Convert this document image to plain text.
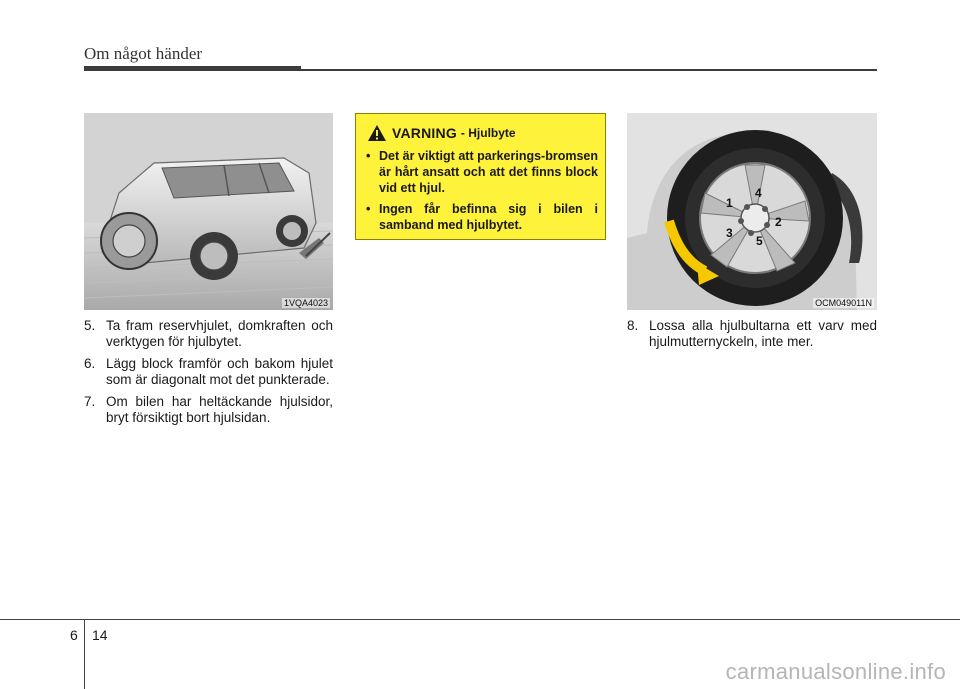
Om något händer
1VQA4023
VARNING - Hjulbyte
• Det är viktigt att parkerings-bromsen är hårt ansatt och att det finns block vid ett hjul.
• Ingen får befinna sig i bilen i samband med hjulbytet.
1
2
3
4
5
OCM049011N
5. Ta fram reservhjulet, domkraften och verktygen för hjulbytet.
6. Lägg block framför och bakom hjulet som är diagonalt mot det punkterade.
7. Om bilen har heltäckande hjulsidor, bryt försiktigt bort hjulsidan.
8. Lossa alla hjulbultarna ett varv med hjulmutternyckeln, inte mer.
6 14
carmanualsonline.info
